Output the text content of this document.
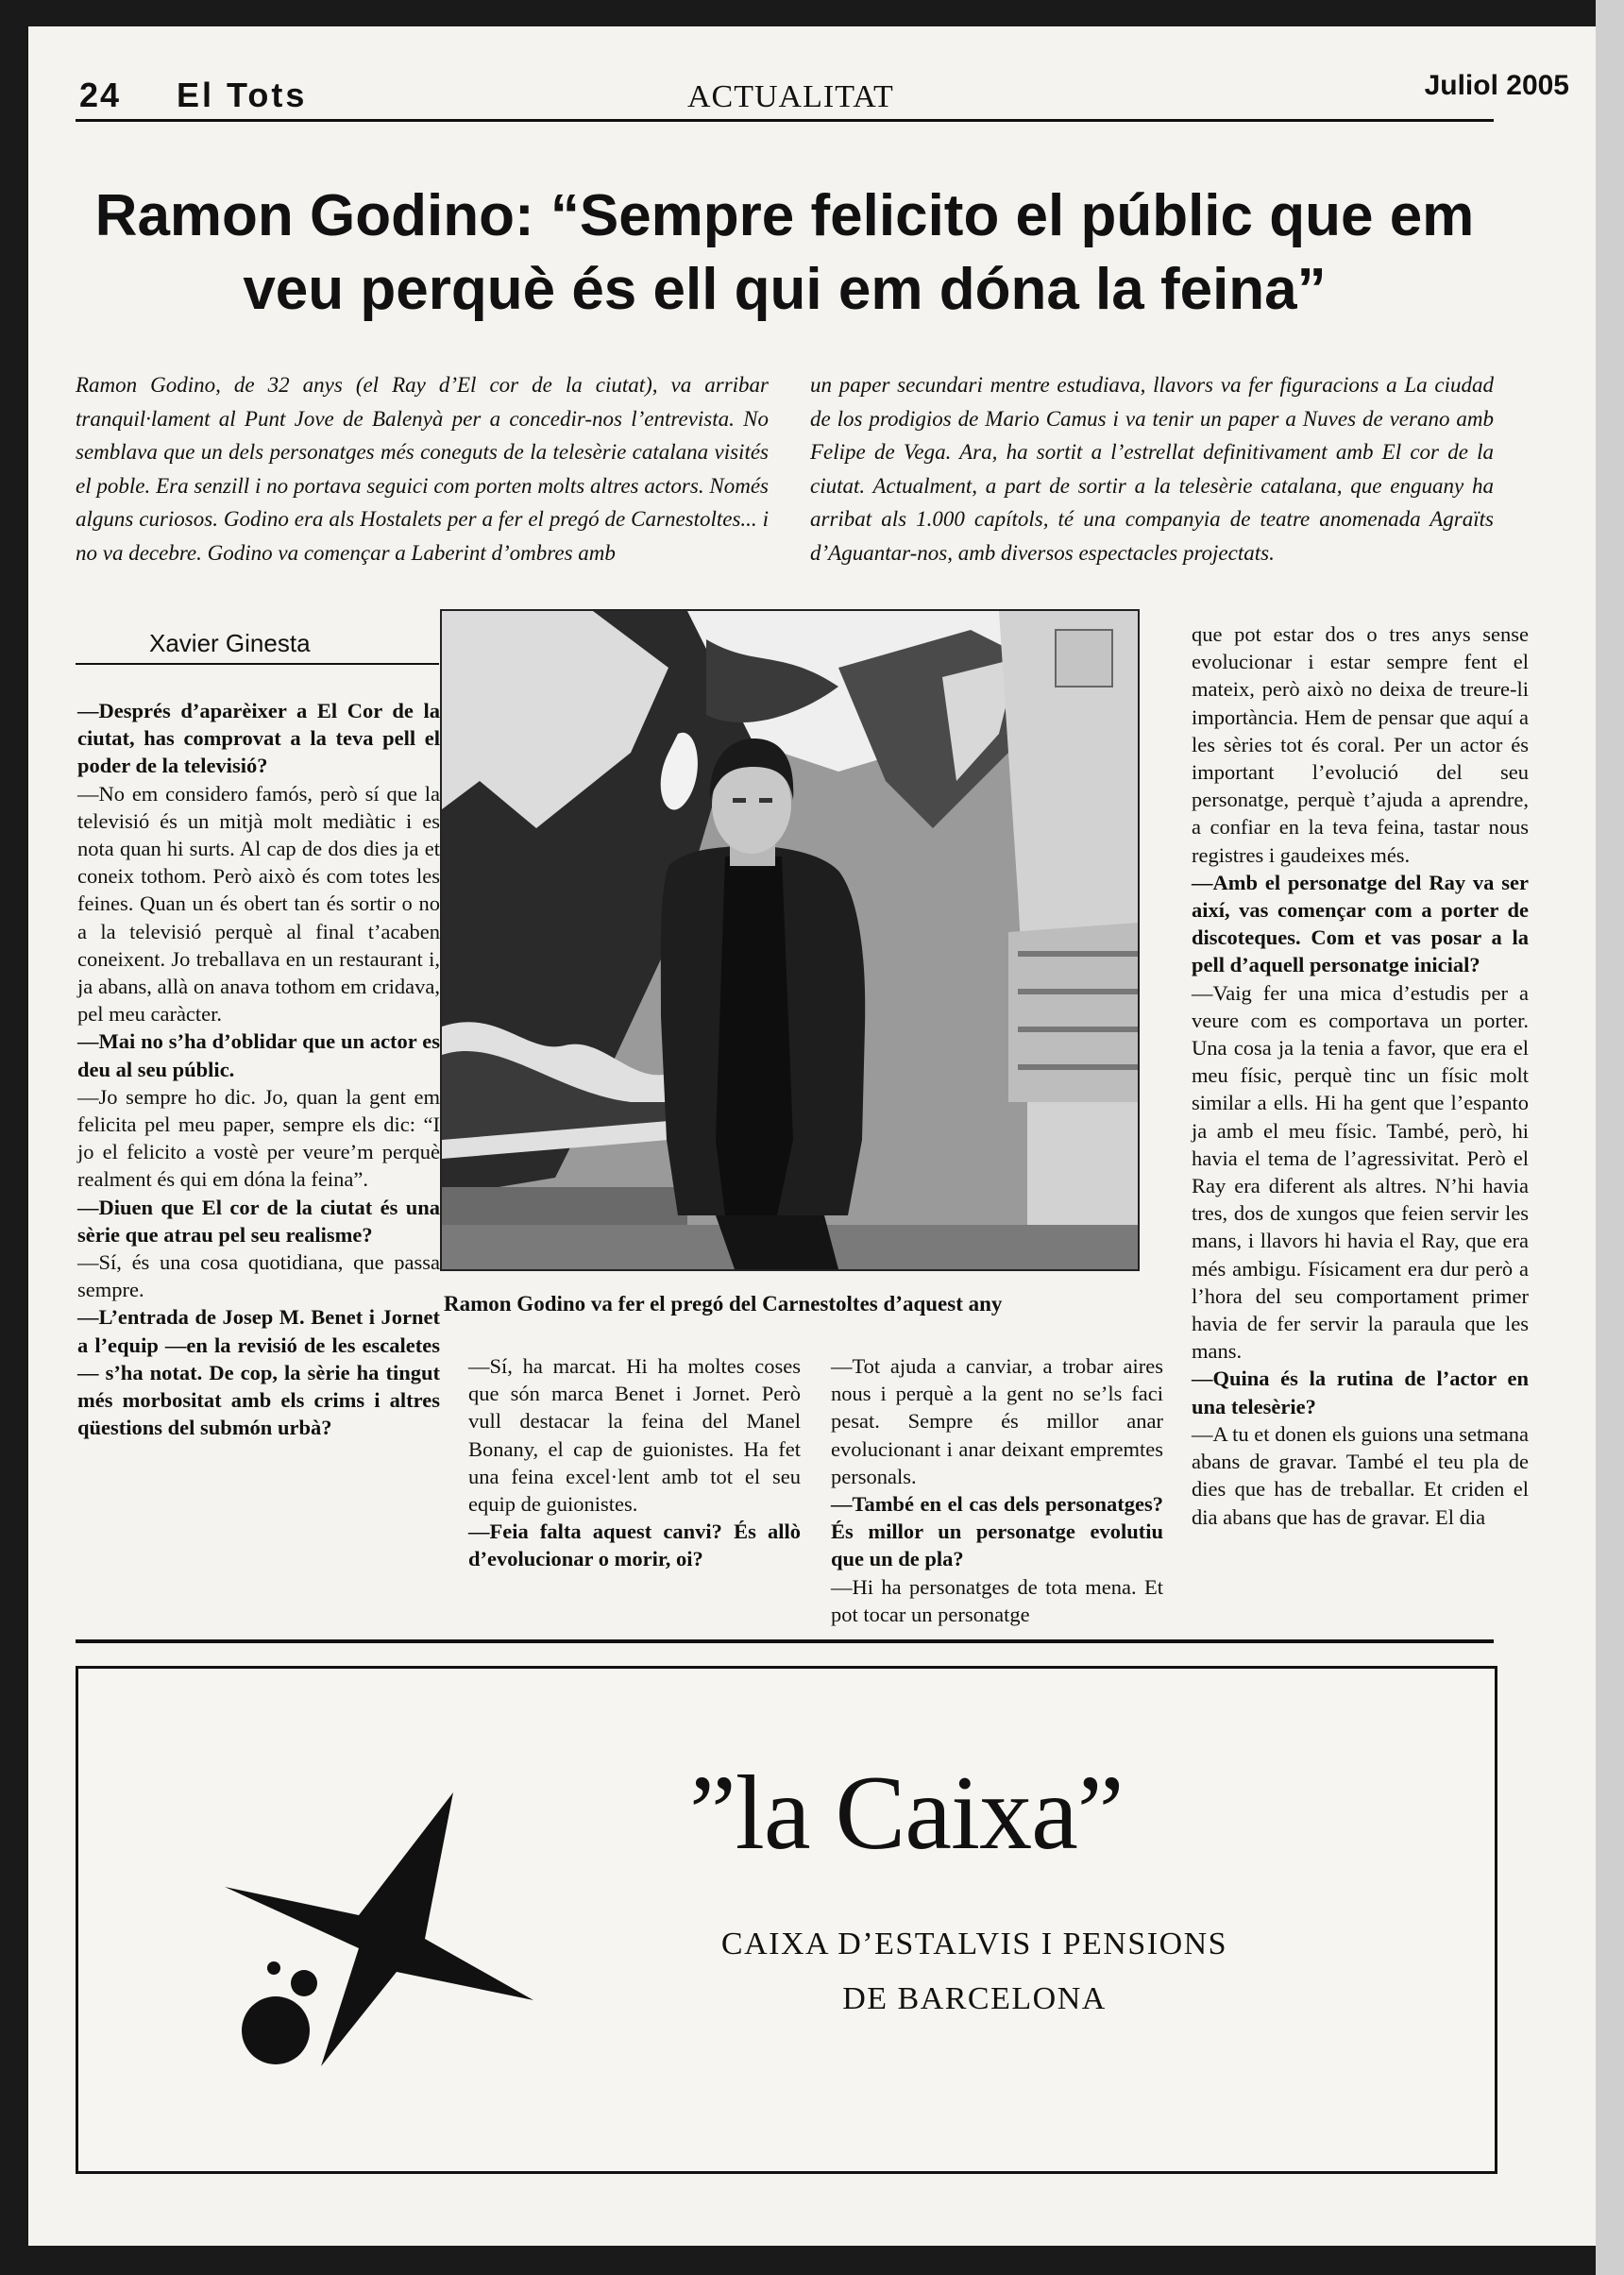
24 El Tots	ACTUALITAT	Juliol 2005
Ramon Godino: “Sempre felicito el públic que em veu perquè és ell qui em dóna la feina”

Ramon Godino, de 32 anys (el Ray d’El cor de la ciutat), va arribar tranquil·lament al Punt Jove de Balenyà per a concedir-nos l’entrevista. No semblava que un dels personatges més coneguts de la telesèrie catalana visités el poble. Era senzill i no portava seguici com porten molts altres actors. Només alguns curiosos. Godino era als Hostalets per a fer el pregó de Carnestoltes... i no va decebre. Godino va començar a Laberint d’ombres amb

un paper secundari mentre estudiava, llavors va fer figuracions a La ciudad de los prodigios de Mario Camus i va tenir un paper a Nuves de verano amb Felipe de Vega. Ara, ha sortit a l’estrellat definitivament amb El cor de la ciutat. Actualment, a part de sortir a la telesèrie catalana, que enguany ha arribat als 1.000 capítols, té una companyia de teatre anomenada Agraïts d’Aguantar-nos, amb diversos espectacles projectats.

Xavier Ginesta

—Després d’aparèixer a El Cor de la ciutat, has comprovat a la teva pell el poder de la televisió?

—No em considero famós, però sí que la televisió és un mitjà molt mediàtic i es nota quan hi surts. Al cap de dos dies ja et coneix tothom. Però això és com totes les feines. Quan un és obert tan és sortir o no a la televisió perquè al final t’acaben coneixent. Jo treballava en un restaurant i, ja abans, allà on anava tothom em cridava, pel meu caràcter.

—Mai no s’ha d’oblidar que un actor es deu al seu públic.

—Jo sempre ho dic. Jo, quan la gent em felicita pel meu paper, sempre els dic: “I jo el felicito a vostè per veure’m perquè realment és qui em dóna la feina”.

—Diuen que El cor de la ciutat és una sèrie que atrau pel seu realisme?

—Sí, és una cosa quotidiana, que passa sempre.

—L’entrada de Josep M. Benet i Jornet a l’equip —en la revisió de les escaletes— s’ha notat. De cop, la sèrie ha tingut més morbositat amb els crims i altres qüestions del submón urbà?

Ramon Godino va fer el pregó del Carnestoltes d’aquest any

—Sí, ha marcat. Hi ha moltes coses que són marca Benet i Jornet. Però vull destacar la feina del Manel Bonany, el cap de guionistes. Ha fet una feina excel·lent amb tot el seu equip de guionistes.

—Feia falta aquest canvi? És allò d’evolucionar o morir, oi?

—Tot ajuda a canviar, a trobar aires nous i perquè a la gent no se’ls faci pesat. Sempre és millor anar evolucionant i anar deixant empremtes personals.

—També en el cas dels personatges? És millor un personatge evolutiu que un de pla?

—Hi ha personatges de tota mena. Et pot tocar un personatge

que pot estar dos o tres anys sense evolucionar i estar sempre fent el mateix, però això no deixa de treure-li importància. Hem de pensar que aquí a les sèries tot és coral. Per un actor és important l’evolució del seu personatge, perquè t’ajuda a aprendre, a confiar en la teva feina, tastar nous registres i gaudeixes més.

—Amb el personatge del Ray va ser així, vas començar com a porter de discoteques. Com et vas posar a la pell d’aquell personatge inicial?

—Vaig fer una mica d’estudis per a veure com es comportava un porter. Una cosa ja la tenia a favor, que era el meu físic, perquè tinc un físic molt similar a ells. Hi ha gent que l’espanto ja amb el meu físic. També, però, hi havia el tema de l’agressivitat. Però el Ray era diferent als altres. N’hi havia tres, dos de xungos que feien servir les mans, i llavors hi havia el Ray, que era més ambigu. Físicament era dur però a l’hora del seu comportament primer havia de fer servir la paraula que les mans.

—Quina és la rutina de l’actor en una telesèrie?

—A tu et donen els guions una setmana abans de gravar. També el teu pla de dies que has de treballar. Et criden el dia abans que has de gravar. El dia

”la Caixa”
CAIXA D’ESTALVIS I PENSIONS
DE BARCELONA
